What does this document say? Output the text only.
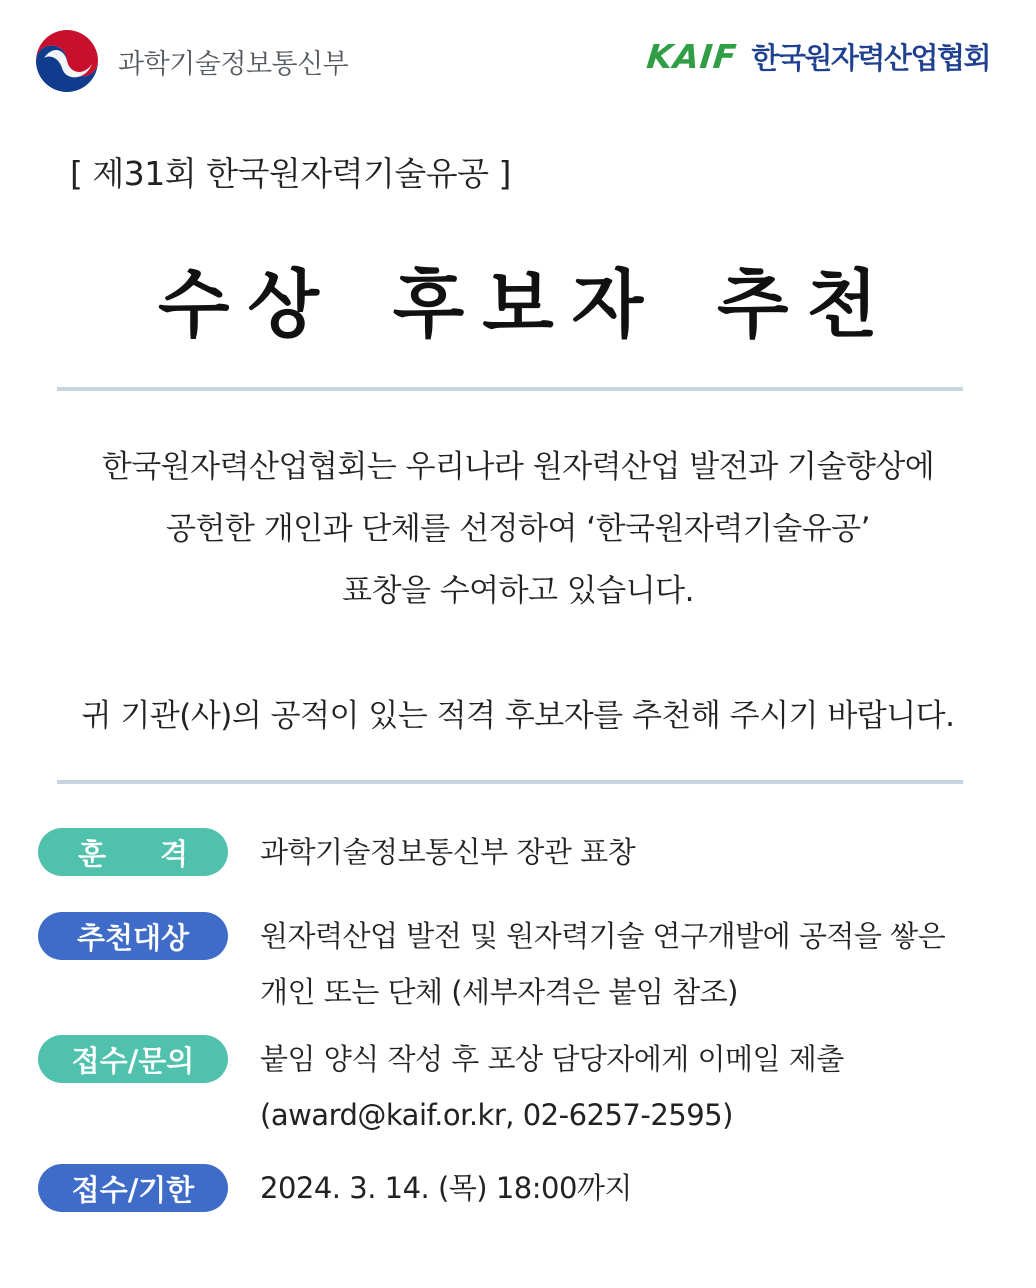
과학기술정보통신부	KAIF 한국원자력산업협회
[ 제31회 한국원자력기술유공 ]
수상 후보자 추천
한국원자력산업협회는 우리나라 원자력산업 발전과 기술향상에
공헌한 개인과 단체를 선정하여 ‘한국원자력기술유공’
표창을 수여하고 있습니다.
귀 기관(사)의 공적이 있는 적격 후보자를 추천해 주시기 바랍니다.
훈 격	과학기술정보통신부 장관 표창
추천대상	원자력산업 발전 및 원자력기술 연구개발에 공적을 쌓은
개인 또는 단체 (세부자격은 붙임 참조)
접수/문의	붙임 양식 작성 후 포상 담당자에게 이메일 제출
(award@kaif.or.kr, 02-6257-2595)
접수/기한	2024. 3. 14. (목) 18:00까지
